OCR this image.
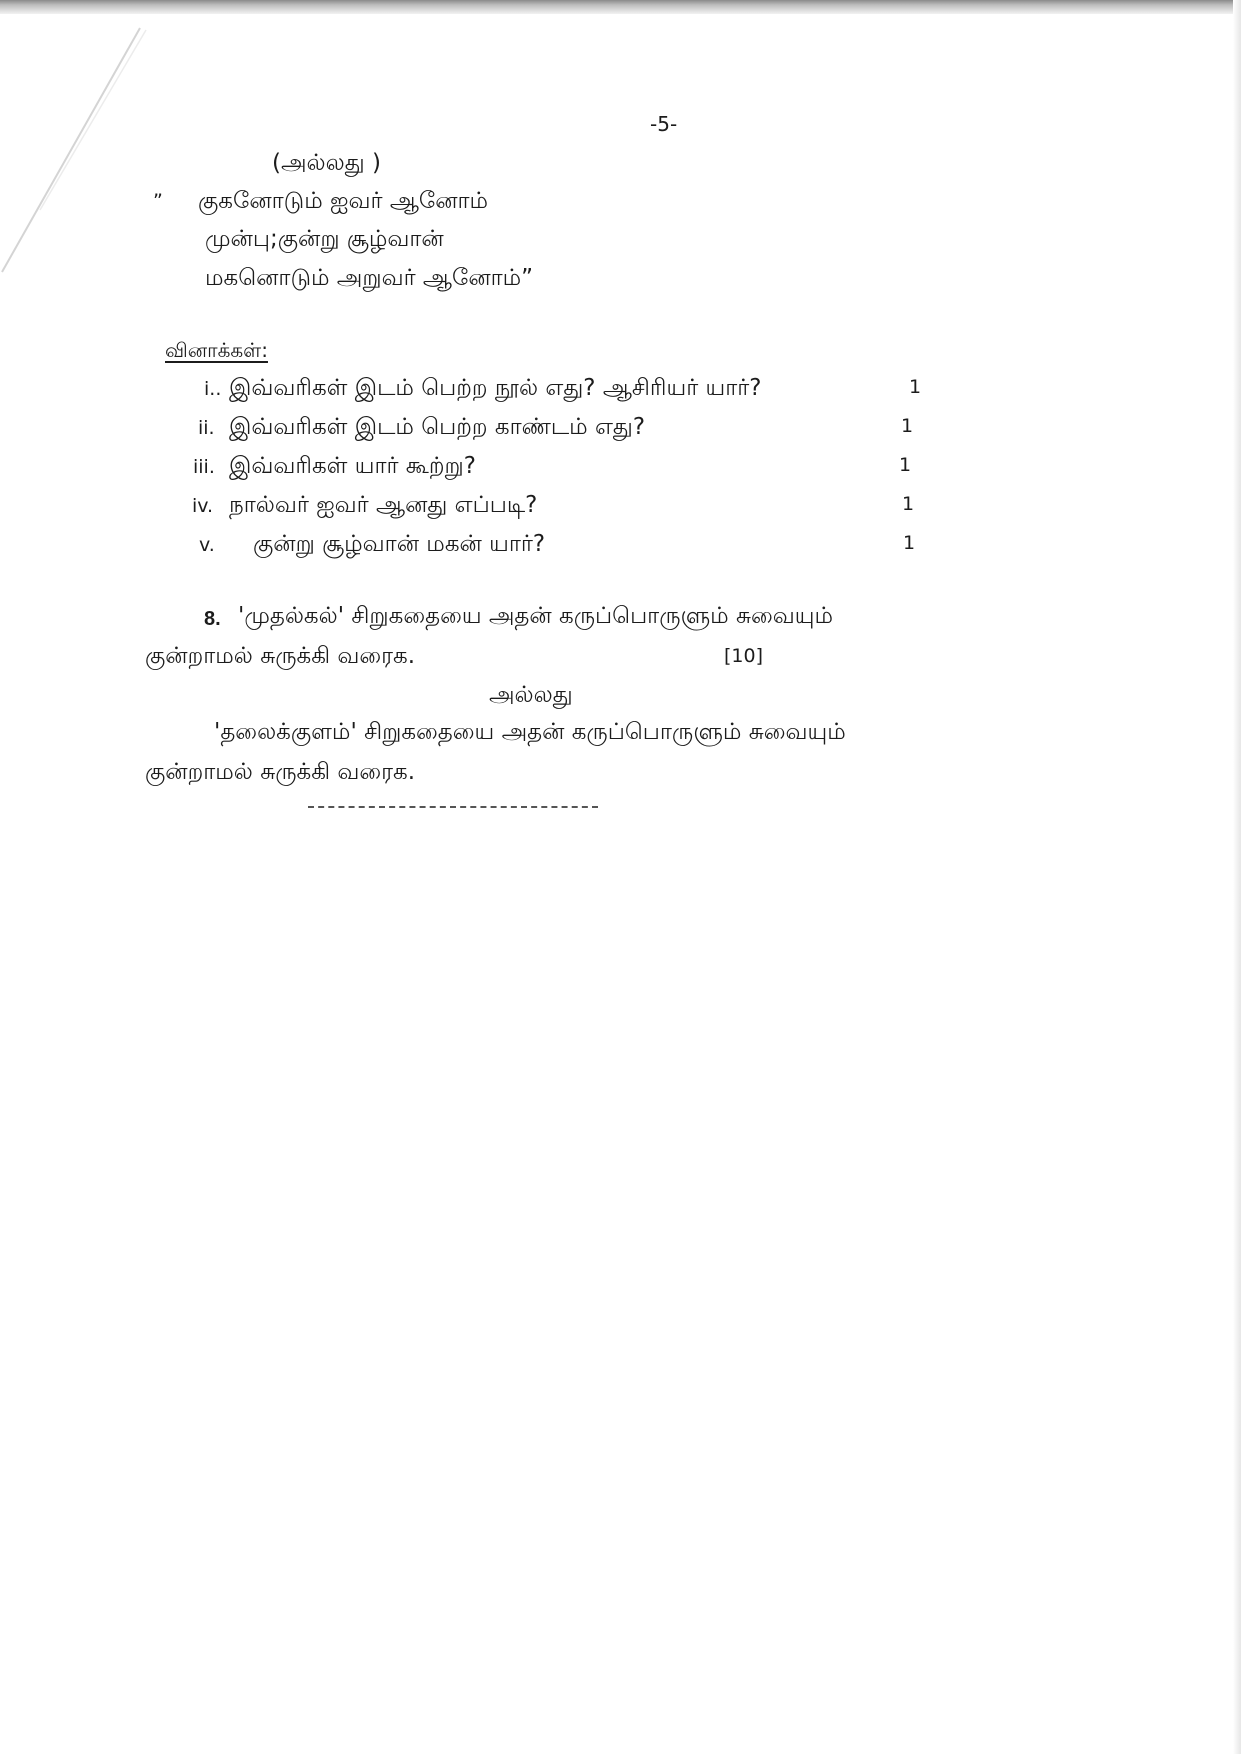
-5-
(அல்லது )
” குகனோடும் ஐவர் ஆனோம்
முன்பு;குன்று சூழ்வான்
மகனொடும் அறுவர் ஆனோம்”
வினாக்கள்:
i.. இவ்வரிகள் இடம் பெற்ற நூல் எது? ஆசிரியர் யார்?	1
ii. இவ்வரிகள் இடம் பெற்ற காண்டம் எது?	1
iii. இவ்வரிகள் யார் கூற்று?	1
iv. நால்வர் ஐவர் ஆனது எப்படி?	1
v. குன்று சூழ்வான் மகன் யார்?	1
8. 'முதல்கல்' சிறுகதையை அதன் கருப்பொருளும் சுவையும்
குன்றாமல் சுருக்கி வரைக.	[10]
அல்லது
'தலைக்குளம்' சிறுகதையை அதன் கருப்பொருளும் சுவையும்
குன்றாமல் சுருக்கி வரைக.
